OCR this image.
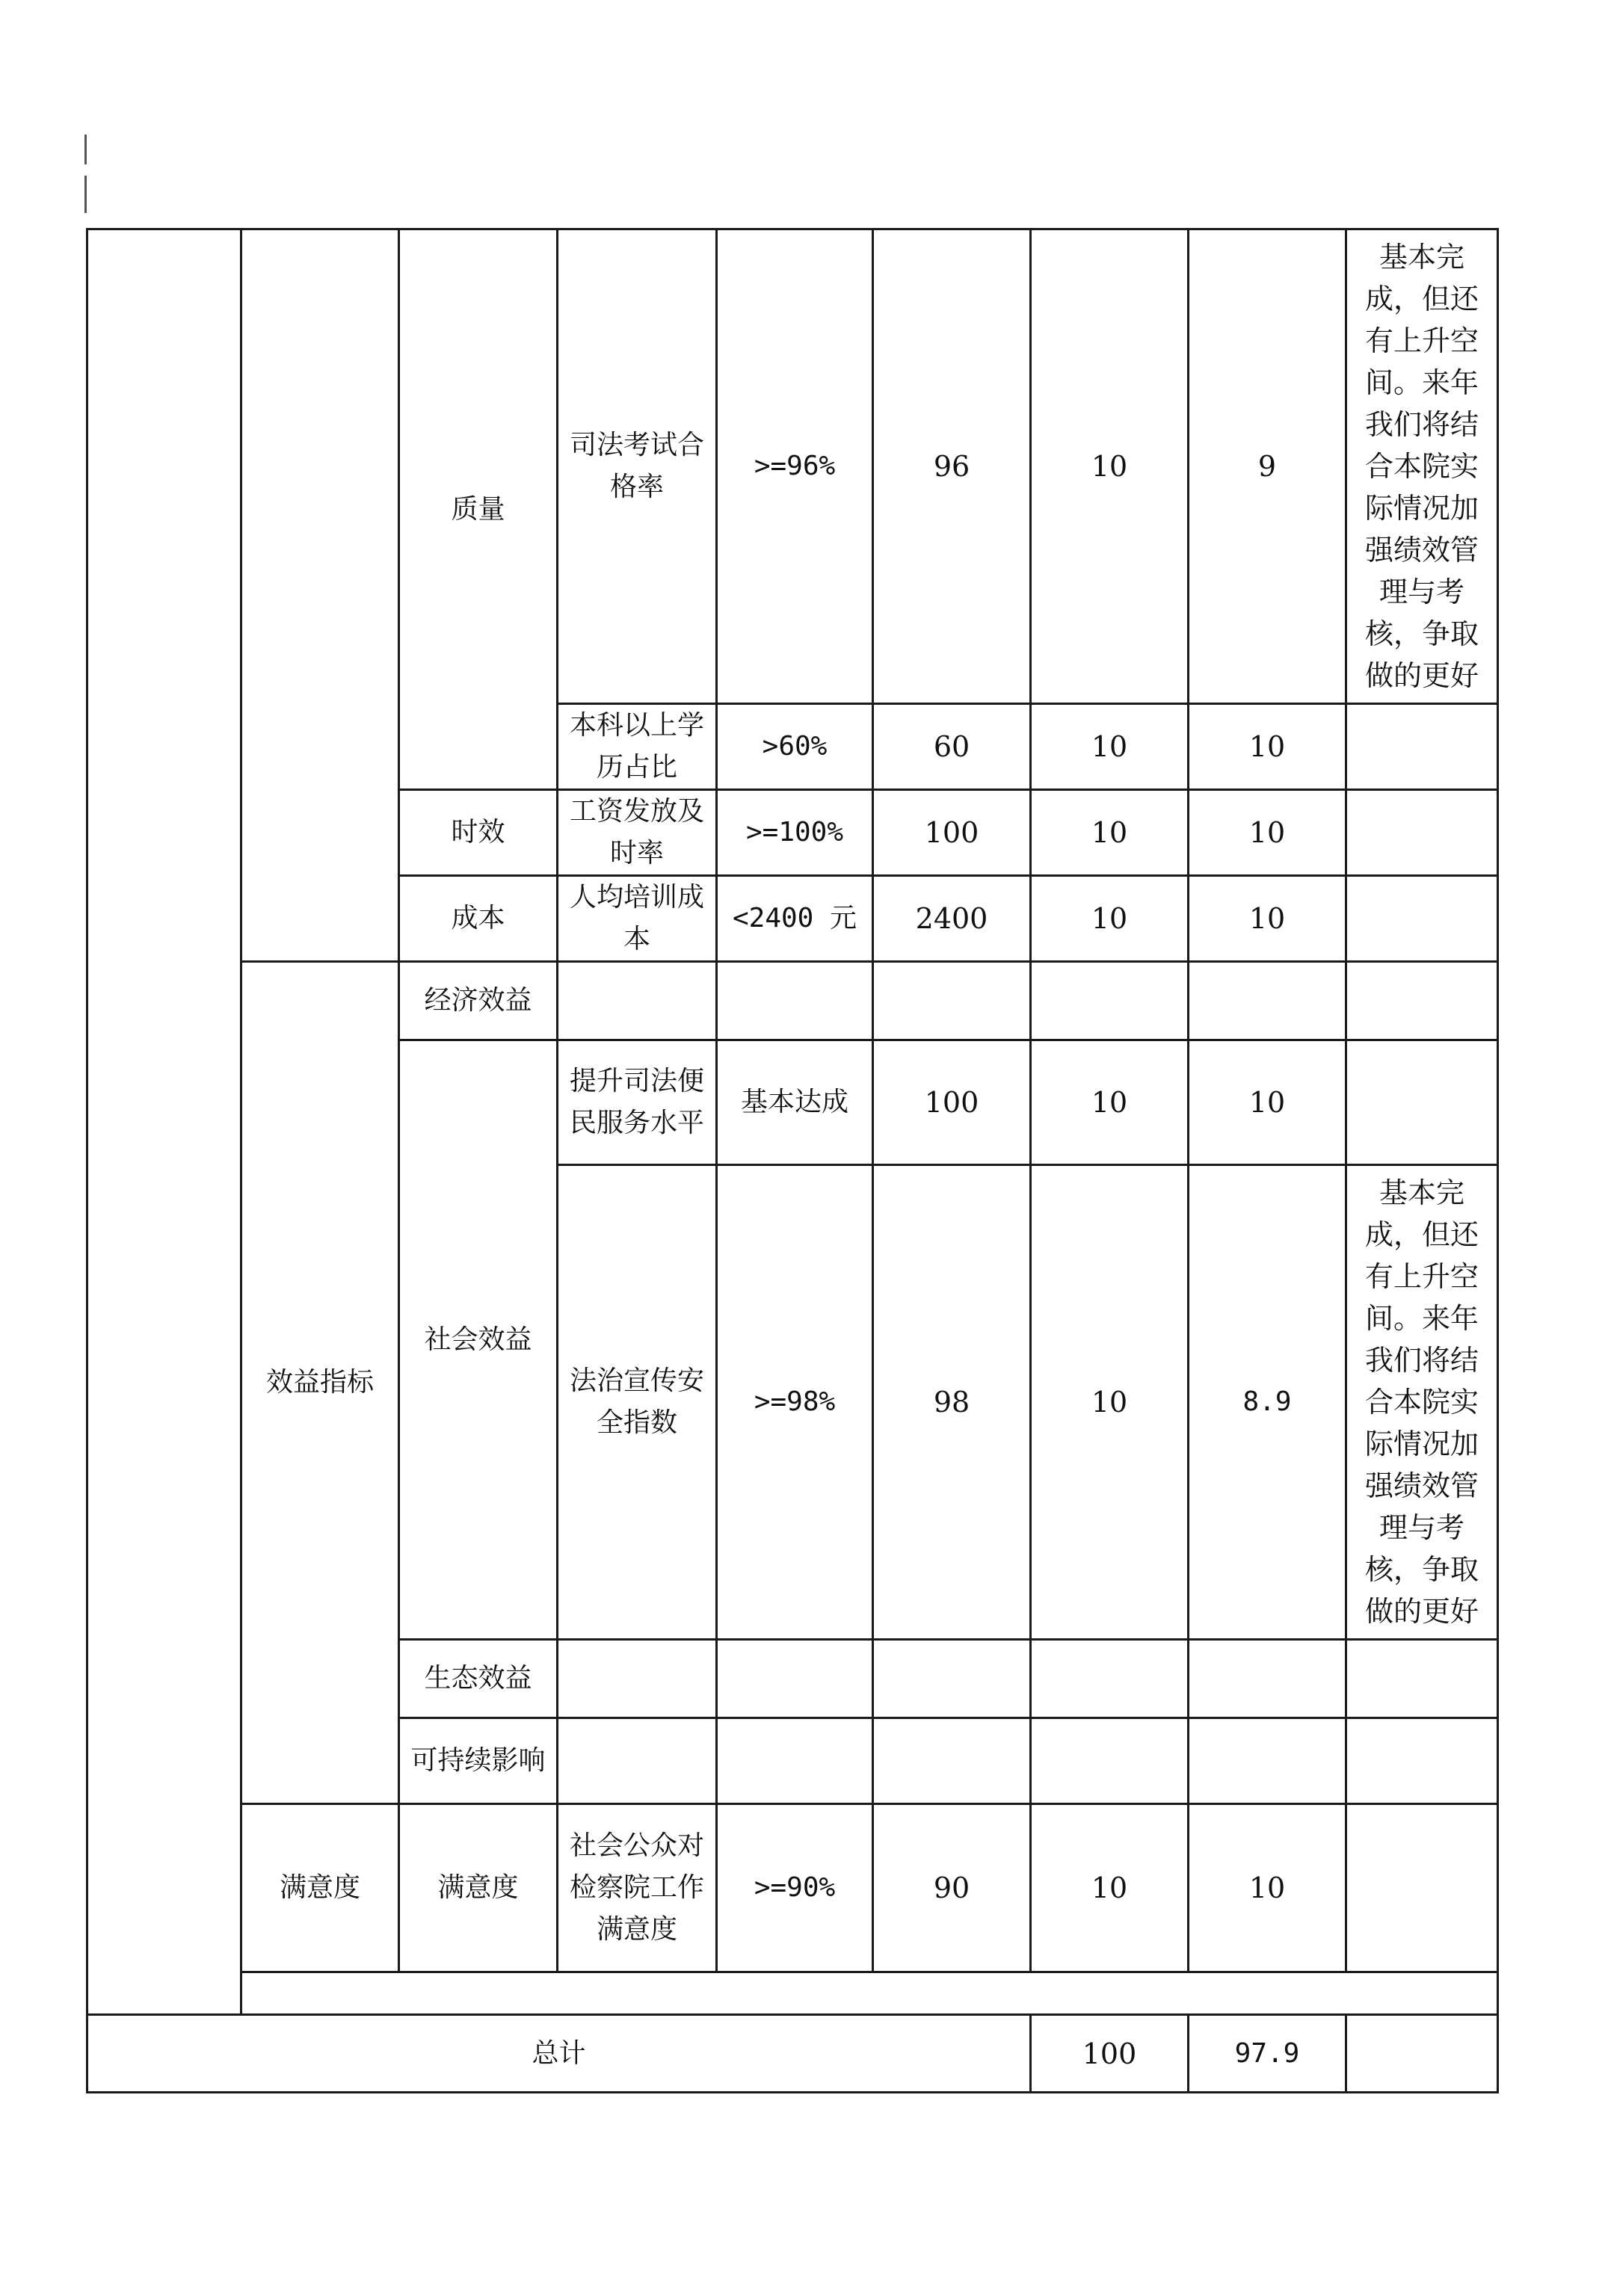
		质量	司法考试合格率	>=96%	96	10	9	基本完成，但还有上升空间。来年我们将结合本院实际情况加强绩效管理与考核，争取做的更好

			本科以上学历占比	>60%	60	10	10	
		时效	工资发放及时率	>=100%	100	10	10	
		成本	人均培训成本	<2400 元	2400	10	10	
	效益指标	经济效益						
		社会效益	提升司法便民服务水平	基本达成	100	10	10	

			法治宣传安全指数	>=98%	98	10	8.9	基本完成，但还有上升空间。来年我们将结合本院实际情况加强绩效管理与考核，争取做的更好

		生态效益						

		可持续影响						

	满意度	满意度	社会公众对检察院工作满意度	>=90%	90	10	10	

总计						100	97.9	
